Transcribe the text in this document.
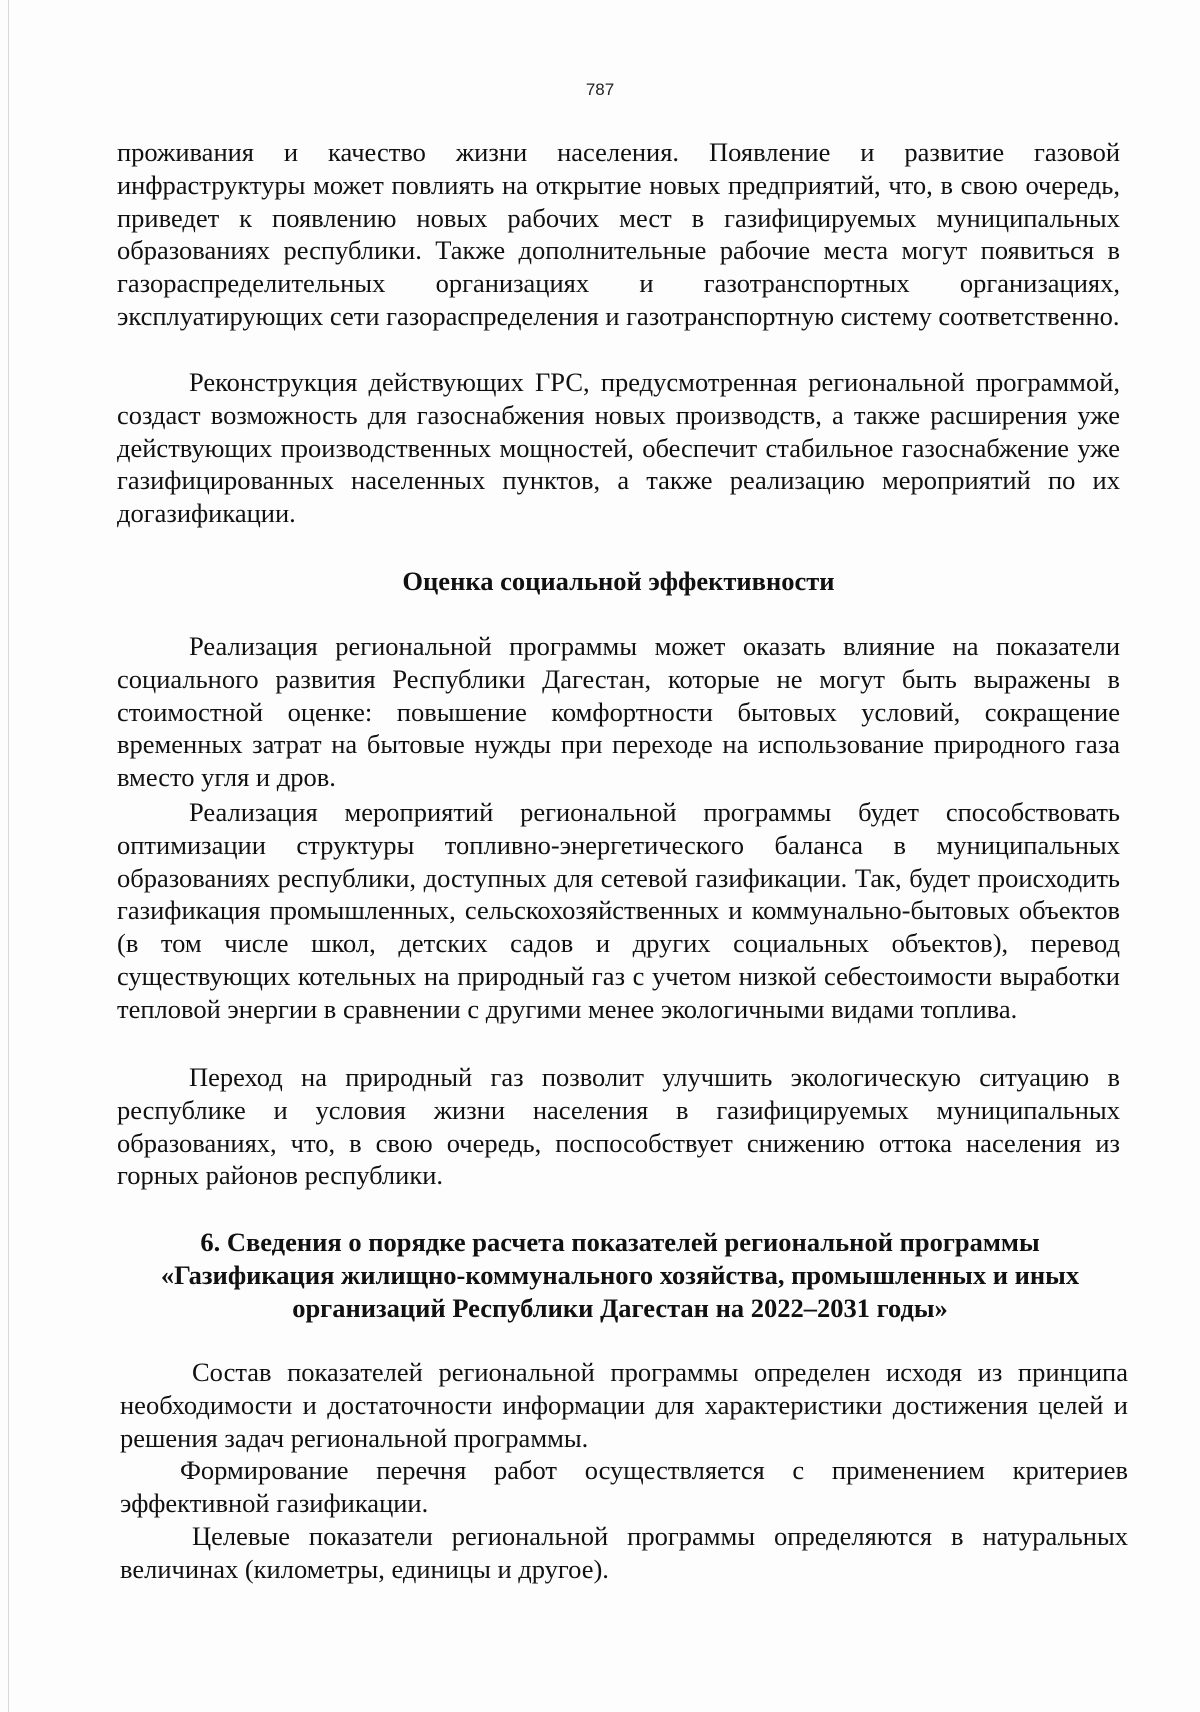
787

проживания и качество жизни населения. Появление и развитие газовой инфраструктуры может повлиять на открытие новых предприятий, что, в свою очередь, приведет к появлению новых рабочих мест в газифицируемых муниципальных образованиях республики. Также дополнительные рабочие места могут появиться в газораспределительных организациях и газотранспортных организациях, эксплуатирующих сети газораспределения и газотранспортную систему соответственно.

Реконструкция действующих ГРС, предусмотренная региональной программой, создаст возможность для газоснабжения новых производств, а также расширения уже действующих производственных мощностей, обеспечит стабильное газоснабжение уже газифицированных населенных пунктов, а также реализацию мероприятий по их догазификации.

Оценка социальной эффективности

Реализация региональной программы может оказать влияние на показатели социального развития Республики Дагестан, которые не могут быть выражены в стоимостной оценке: повышение комфортности бытовых условий, сокращение временных затрат на бытовые нужды при переходе на использование природного газа вместо угля и дров.

Реализация мероприятий региональной программы будет способствовать оптимизации структуры топливно-энергетического баланса в муниципальных образованиях республики, доступных для сетевой газификации. Так, будет происходить газификация промышленных, сельскохозяйственных и коммунально-бытовых объектов (в том числе школ, детских садов и других социальных объектов), перевод существующих котельных на природный газ с учетом низкой себестоимости выработки тепловой энергии в сравнении с другими менее экологичными видами топлива.

Переход на природный газ позволит улучшить экологическую ситуацию в республике и условия жизни населения в газифицируемых муниципальных образованиях, что, в свою очередь, поспособствует снижению оттока населения из горных районов республики.

6. Сведения о порядке расчета показателей региональной программы
«Газификация жилищно-коммунального хозяйства, промышленных и иных
организаций Республики Дагестан на 2022–2031 годы»

Состав показателей региональной программы определен исходя из принципа необходимости и достаточности информации для характеристики достижения целей и решения задач региональной программы.

Формирование перечня работ осуществляется с применением критериев эффективной газификации.

Целевые показатели региональной программы определяются в натуральных величинах (километры, единицы и другое).
